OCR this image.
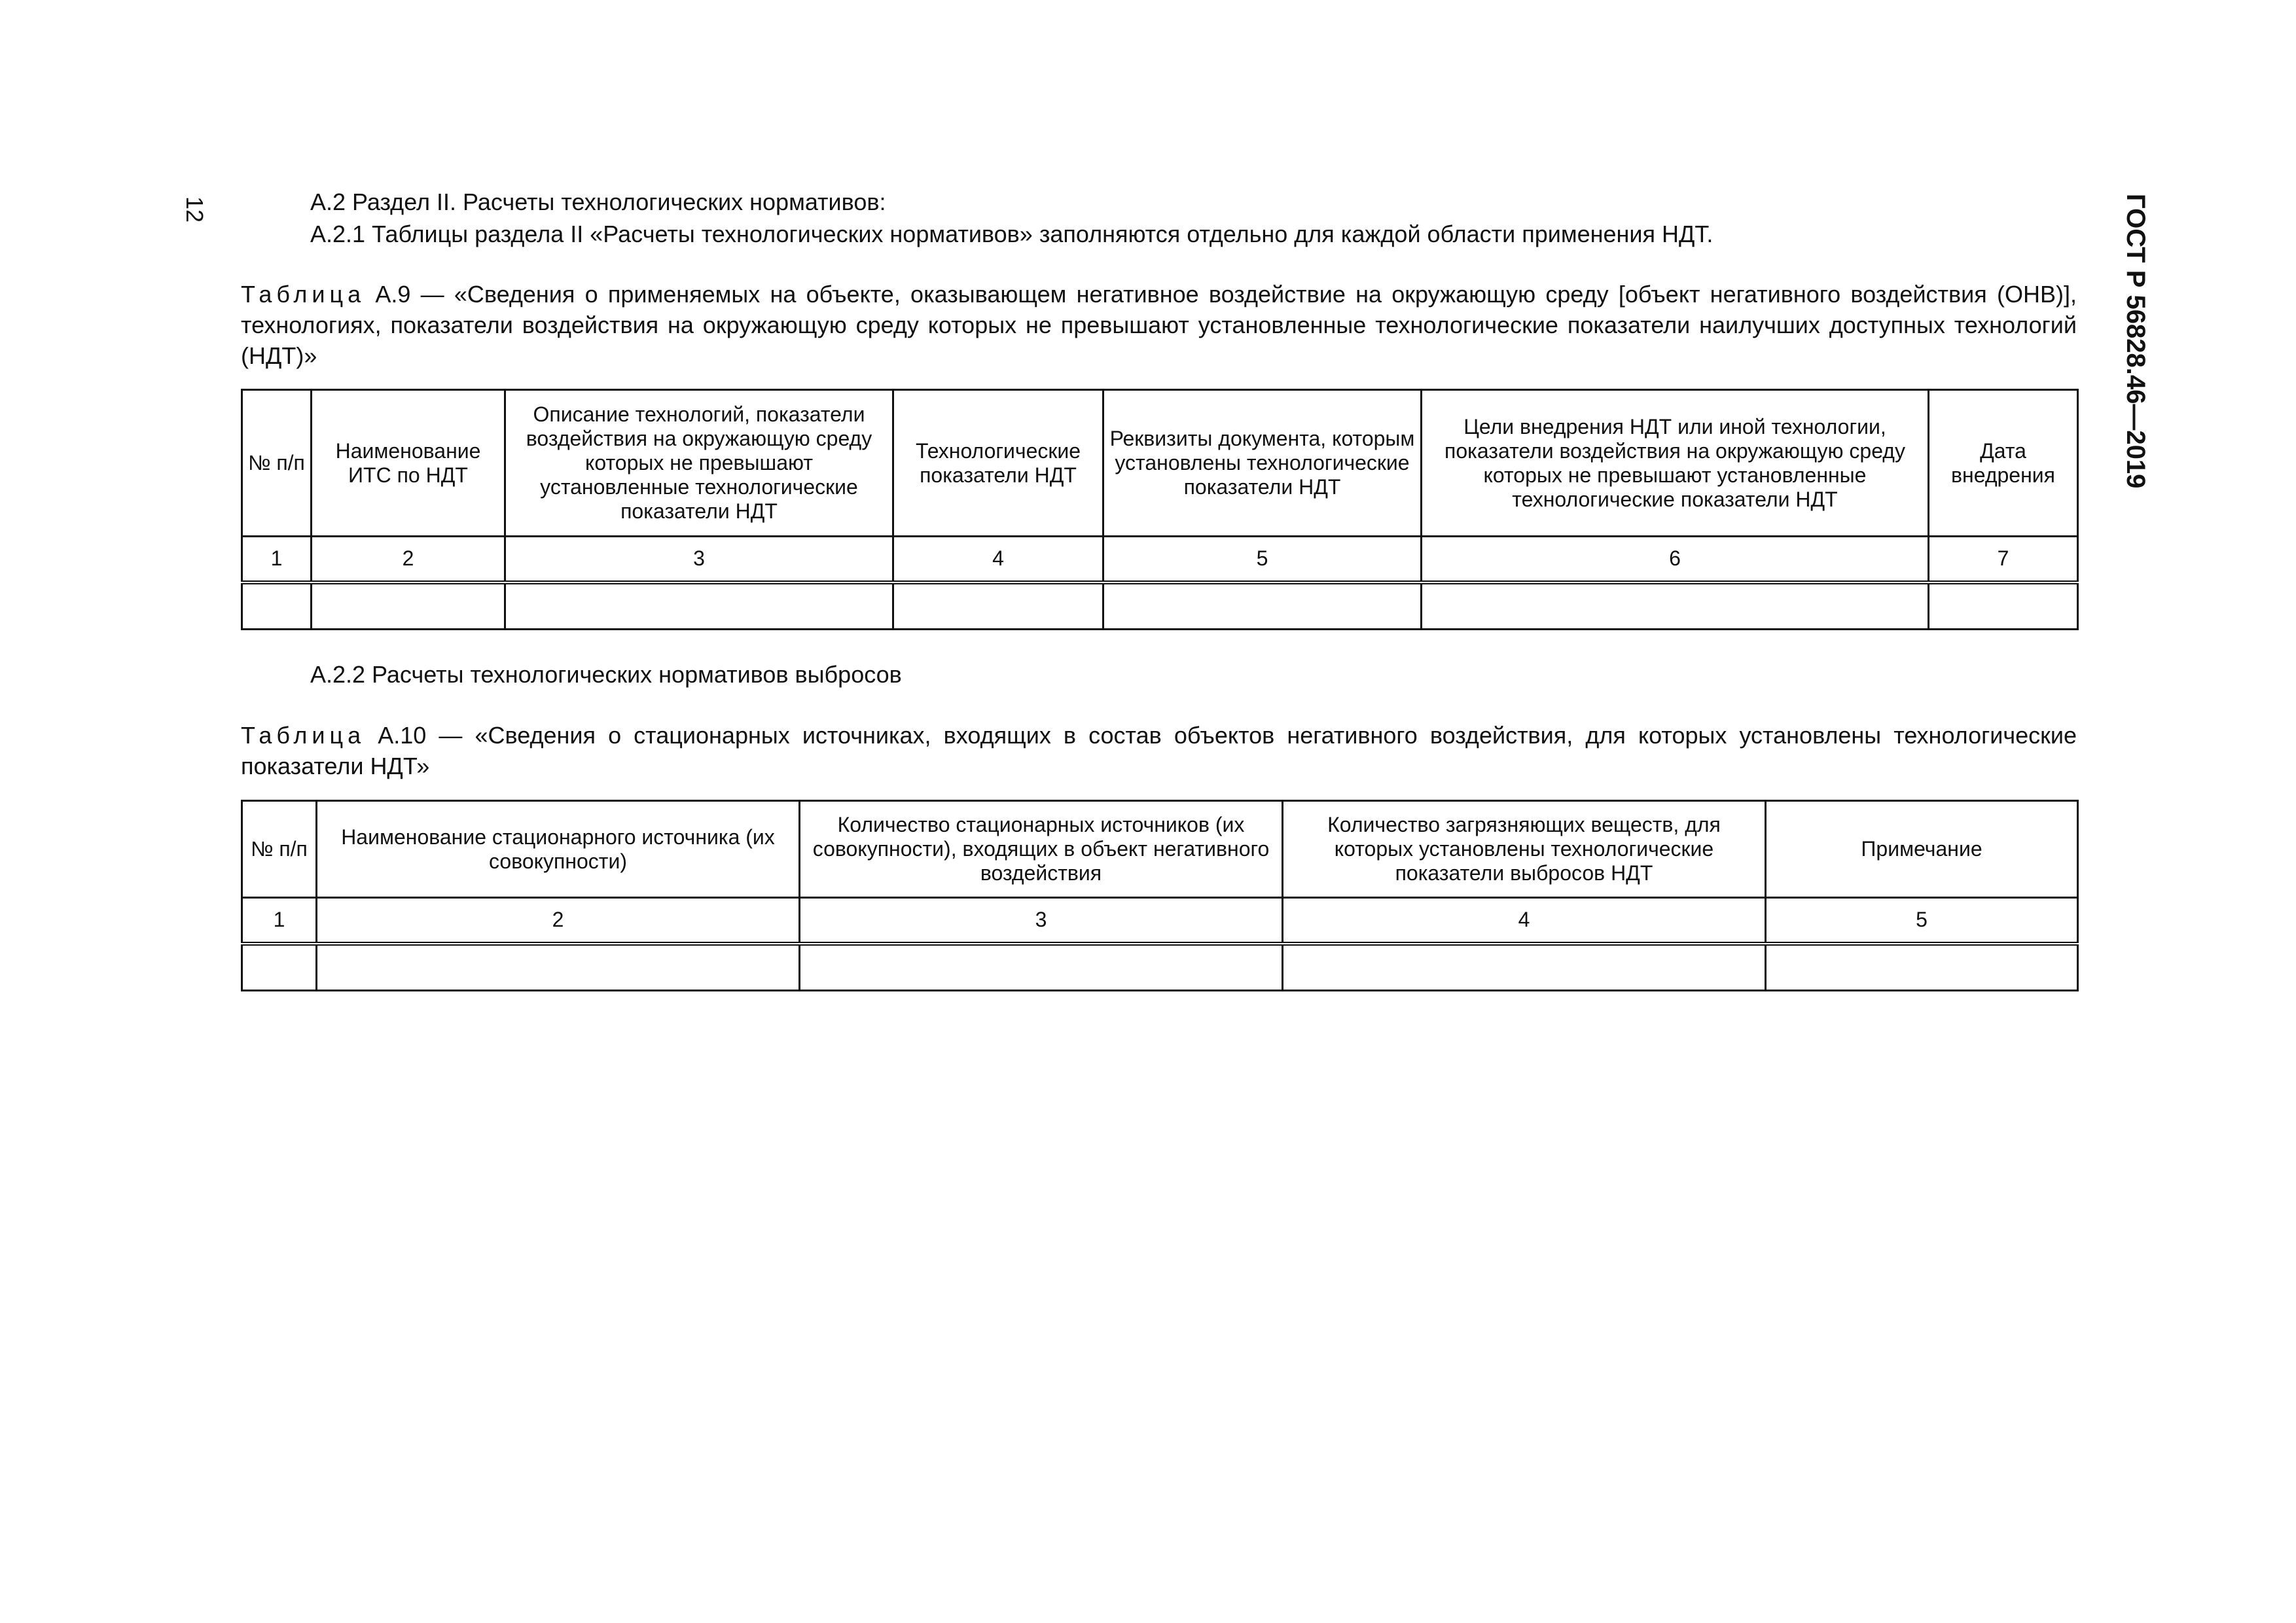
12	ГОСТ Р 56828.46—2019
А.2 Раздел II. Расчеты технологических нормативов:
А.2.1 Таблицы раздела II «Расчеты технологических нормативов» заполняются отдельно для каждой области применения НДТ.
Таблица А.9 — «Сведения о применяемых на объекте, оказывающем негативное воздействие на окружающую среду [объект негативного воздействия (ОНВ)], технологиях, показатели воздействия на окружающую среду которых не превышают установленные технологические показатели наилучших доступных технологий (НДТ)»
№ п/п	Наименование ИТС по НДТ	Описание технологий, показатели воздействия на окружающую среду которых не превышают установленные технологические показатели НДТ	Технологические показатели НДТ	Реквизиты документа, которым установлены технологические показатели НДТ	Цели внедрения НДТ или иной технологии, показатели воздействия на окружающую среду которых не превышают установленные технологические показатели НДТ	Дата внедрения
1	2	3	4	5	6	7

А.2.2 Расчеты технологических нормативов выбросов
Таблица А.10 — «Сведения о стационарных источниках, входящих в состав объектов негативного воздействия, для которых установлены технологические показатели НДТ»
№ п/п	Наименование стационарного источника (их совокупности)	Количество стационарных источников (их совокупности), входящих в объект негативного воздействия	Количество загрязняющих веществ, для которых установлены технологические показатели выбросов НДТ	Примечание
1	2	3	4	5
